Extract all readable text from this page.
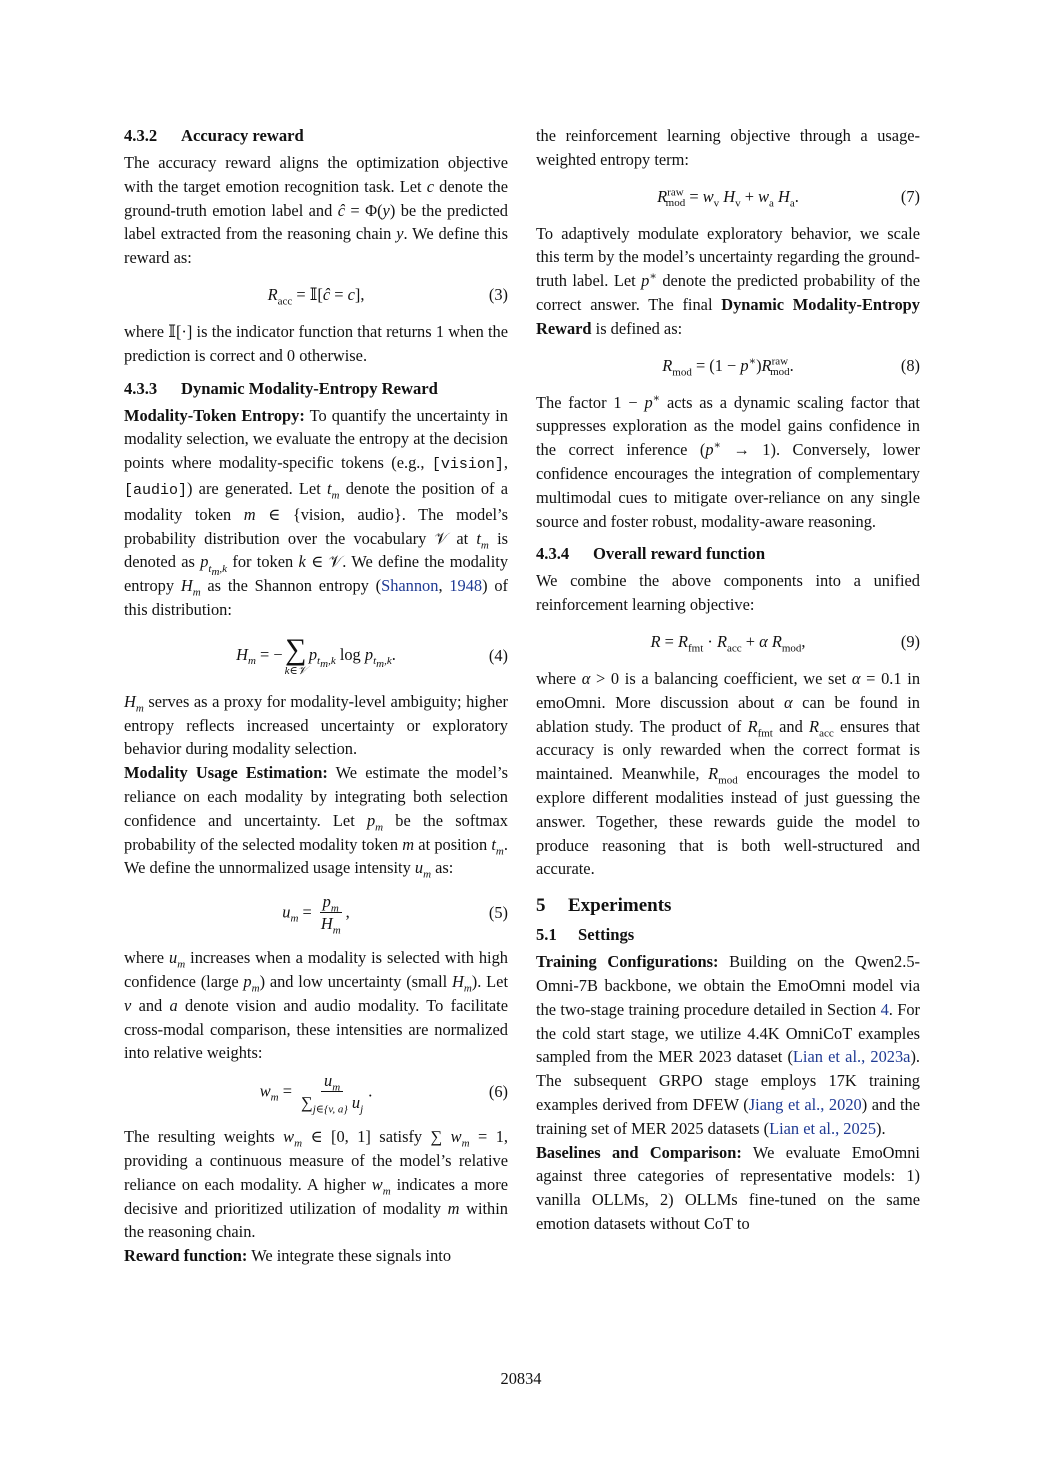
4.3.2 Accuracy reward

The accuracy reward aligns the optimization objective with the target emotion recognition task. Let c denote the ground-truth emotion label and ĉ = Φ(y) be the predicted label extracted from the reasoning chain y. We define this reward as:

$R_{acc}$ = 𝕀[ĉ = c],	(3)

where 𝕀[·] is the indicator function that returns 1 when the prediction is correct and 0 otherwise.

4.3.3 Dynamic Modality-Entropy Reward

Modality-Token Entropy: To quantify the uncertainty in modality selection, we evaluate the entropy at the decision points where modality-specific tokens (e.g., [vision], [audio]) are generated. Let $t_m$ denote the position of a modality token m ∈ {vision, audio}. The model’s probability distribution over the vocabulary 𝒱 at $t_m$ is denoted as $p_{t_m,k}$ for token k ∈ 𝒱. We define the modality entropy $H_m$ as the Shannon entropy (Shannon, 1948) of this distribution:

$H_m$ = − ∑
k∈𝒱
$p_{t_m,k}$ $\log p_{t_m,k}$.	(4)

$H_m$ serves as a proxy for modality-level ambiguity; higher entropy reflects increased uncertainty or exploratory behavior during modality selection.

Modality Usage Estimation: We estimate the model’s reliance on each modality by integrating both selection confidence and uncertainty. Let $p_m$ be the softmax probability of the selected modality token m at position $t_m$. We define the unnormalized usage intensity $u_m$ as:

$u_m = \frac{p_m}{H_m}$ ,	(5)

where $u_m$ increases when a modality is selected with high confidence (large $p_m$) and low uncertainty (small $H_m$). Let v and a denote vision and audio modality. To facilitate cross-modal comparison, these intensities are normalized into relative weights:

$w_m = \frac{u_m}{\sum_{j\in\{v, a\}} u_j}$ .	(6)

The resulting weights $w_m$ ∈ [0, 1] satisfy ∑ $w_m = 1$, providing a continuous measure of the model’s relative reliance on each modality. A higher $w_m$ indicates a more decisive and prioritized utilization of modality m within the reasoning chain.

Reward function: We integrate these signals into

the reinforcement learning objective through a usage-weighted entropy term:

$R^{raw}_{mod} = w_v$ $H_v + w_a$ $H_a$.	(7)

To adaptively modulate exploratory behavior, we scale this term by the model’s uncertainty regarding the ground-truth label. Let p∗ denote the predicted probability of the correct answer. The final Dynamic Modality-Entropy Reward is defined as:

$R_{mod} = (1 - p^∗)R^{raw}_{mod}$.	(8)

The factor 1 − p∗ acts as a dynamic scaling factor that suppresses exploration as the model gains confidence in the correct inference (p∗ → 1). Conversely, lower confidence encourages the integration of complementary multimodal cues to mitigate over-reliance on any single source and foster robust, modality-aware reasoning.

4.3.4 Overall reward function

We combine the above components into a unified reinforcement learning objective:

$R = R_{fmt} \cdot R_{acc} + \alpha$ $R_{mod}$,	(9)

where α > 0 is a balancing coefficient, we set α = 0.1 in emoOmni. More discussion about α can be found in ablation study. The product of $R_{fmt}$ and $R_{acc}$ ensures that accuracy is only rewarded when the correct format is maintained. Meanwhile, $R_{mod}$ encourages the model to explore different modalities instead of just guessing the answer. Together, these rewards guide the model to produce reasoning that is both well-structured and accurate.

5 Experiments
5.1 Settings

Training Configurations: Building on the Qwen2.5-Omni-7B backbone, we obtain the EmoOmni model via the two-stage training procedure detailed in Section 4. For the cold start stage, we utilize 4.4K OmniCoT examples sampled from the MER 2023 dataset (Lian et al., 2023a). The subsequent GRPO stage employs 17K training examples derived from DFEW (Jiang et al., 2020) and the training set of MER 2025 datasets (Lian et al., 2025).

Baselines and Comparison: We evaluate EmoOmni against three categories of representative models: 1) vanilla OLLMs, 2) OLLMs fine-tuned on the same emotion datasets without CoT to

20834
